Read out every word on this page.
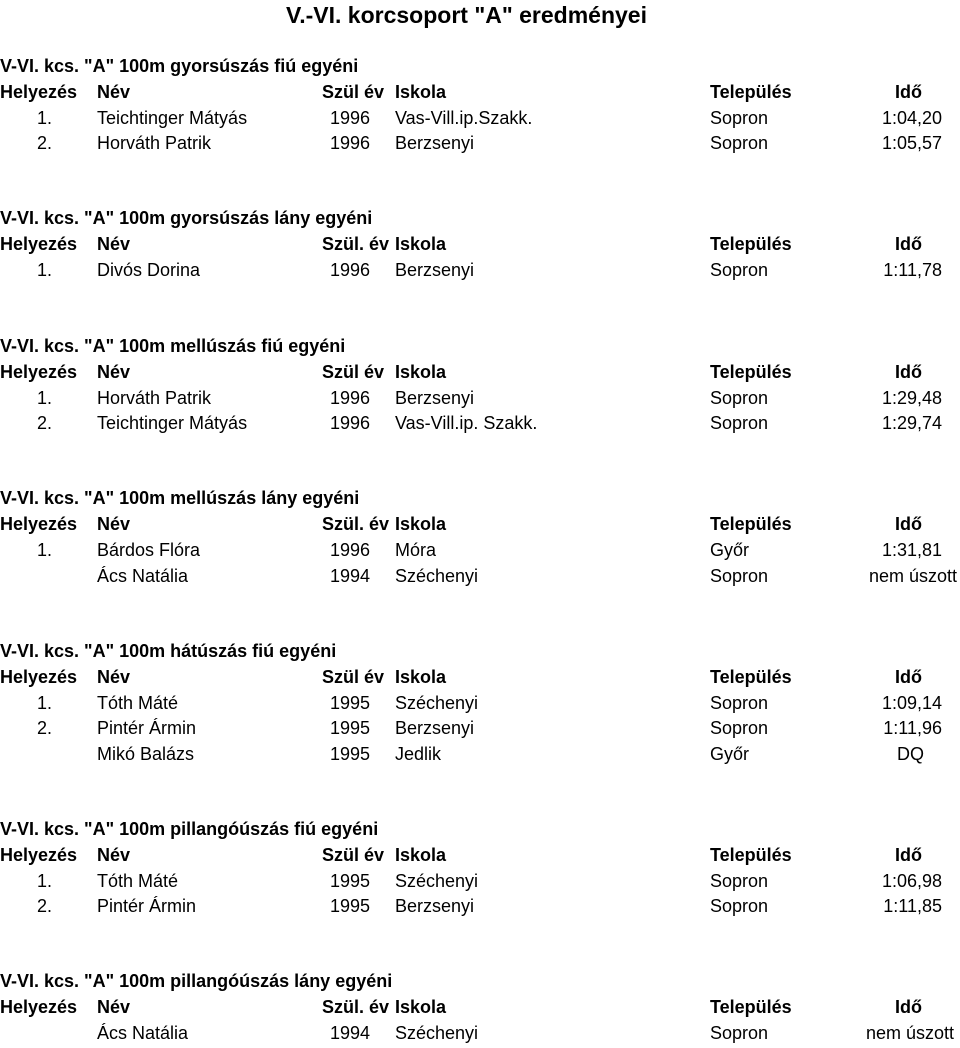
V.-VI. korcsoport "A" eredményei
V-VI. kcs. "A" 100m gyorsúszás fiú egyéni
Helyezés Név	Szül év Iskola	Település	Idő
1.	Teichtinger Mátyás	1996 Vas-Vill.ip.Szakk.	Sopron	1:04,20
2.	Horváth Patrik	1996 Berzsenyi	Sopron	1:05,57
V-VI. kcs. "A" 100m gyorsúszás lány egyéni
Helyezés Név	Szül. év Iskola	Település	Idő
1.	Divós Dorina	1996 Berzsenyi	Sopron	1:11,78
V-VI. kcs. "A" 100m mellúszás fiú egyéni
Helyezés Név	Szül év Iskola	Település	Idő
1.	Horváth Patrik	1996 Berzsenyi	Sopron	1:29,48
2.	Teichtinger Mátyás	1996 Vas-Vill.ip. Szakk.	Sopron	1:29,74
V-VI. kcs. "A" 100m mellúszás lány egyéni
Helyezés Név	Szül. év Iskola	Település	Idő
1.	Bárdos Flóra	1996 Móra	Győr	1:31,81
Ács Natália	1994 Széchenyi	Sopron	nem úszott
V-VI. kcs. "A" 100m hátúszás fiú egyéni
Helyezés Név	Szül év Iskola	Település	Idő
1.	Tóth Máté	1995 Széchenyi	Sopron	1:09,14
2.	Pintér Ármin	1995 Berzsenyi	Sopron	1:11,96
Mikó Balázs	1995 Jedlik	Győr	DQ
V-VI. kcs. "A" 100m pillangóúszás fiú egyéni
Helyezés Név	Szül év Iskola	Település	Idő
1.	Tóth Máté	1995 Széchenyi	Sopron	1:06,98
2.	Pintér Ármin	1995 Berzsenyi	Sopron	1:11,85
V-VI. kcs. "A" 100m pillangóúszás lány egyéni
Helyezés Név	Szül. év Iskola	Település	Idő
Ács Natália	1994 Széchenyi	Sopron	nem úszott
